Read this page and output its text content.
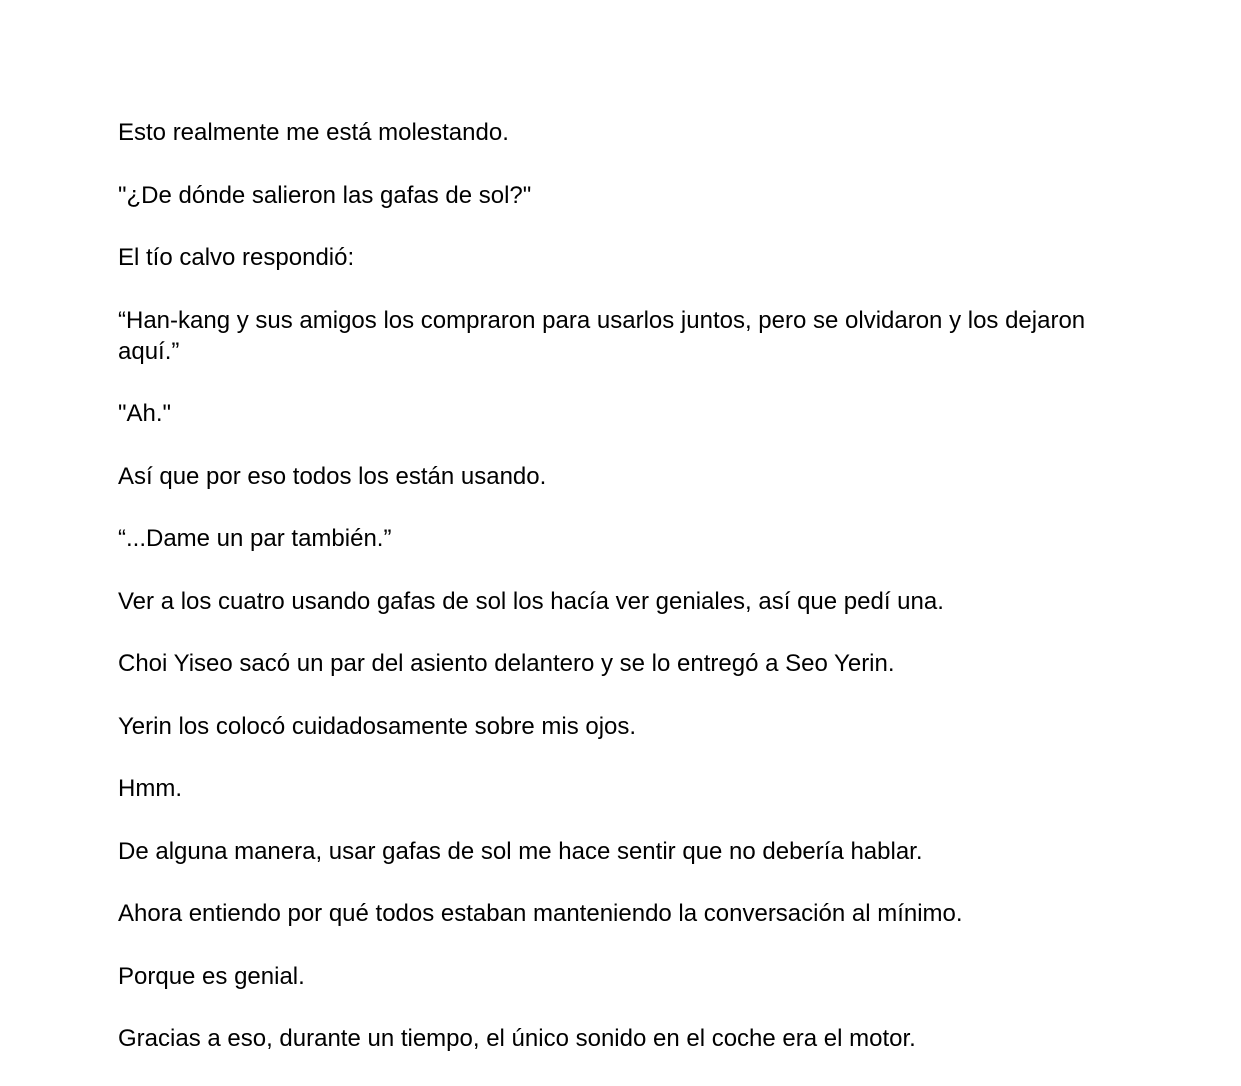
Esto realmente me está molestando.

"¿De dónde salieron las gafas de sol?"

El tío calvo respondió:

“Han-kang y sus amigos los compraron para usarlos juntos, pero se olvidaron y los dejaron aquí.”

"Ah."

Así que por eso todos los están usando.

“...Dame un par también.”

Ver a los cuatro usando gafas de sol los hacía ver geniales, así que pedí una.

Choi Yiseo sacó un par del asiento delantero y se lo entregó a Seo Yerin.

Yerin los colocó cuidadosamente sobre mis ojos.

Hmm.

De alguna manera, usar gafas de sol me hace sentir que no debería hablar.

Ahora entiendo por qué todos estaban manteniendo la conversación al mínimo.

Porque es genial.

Gracias a eso, durante un tiempo, el único sonido en el coche era el motor.
